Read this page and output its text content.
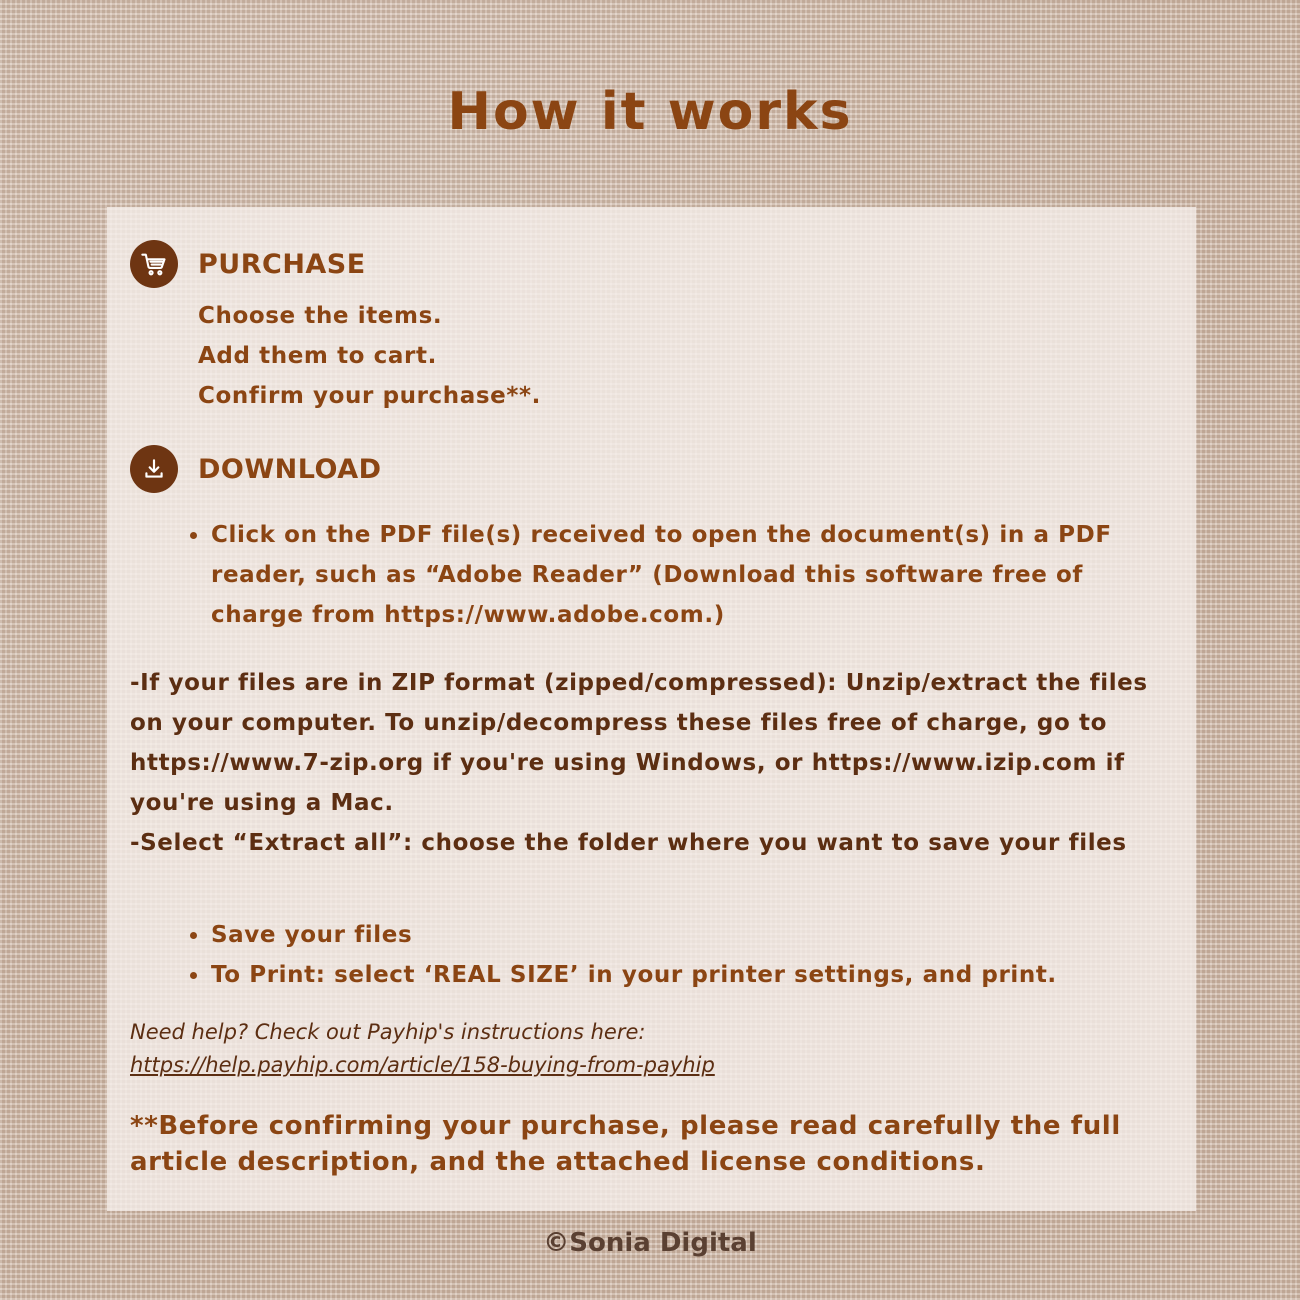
How it works
PURCHASE
Choose the items.
Add them to cart.
Confirm your purchase**.
DOWNLOAD
Click on the PDF file(s) received to open the document(s) in a PDF reader, such as “Adobe Reader” (Download this software free of charge from https://www.adobe.com.)

-If your files are in ZIP format (zipped/compressed): Unzip/extract the files on your computer. To unzip/decompress these files free of charge, go to https://www.7-zip.org if you're using Windows, or https://www.izip.com if you're using a Mac.

-Select “Extract all”: choose the folder where you want to save your files

Save your files
To Print: select ‘REAL SIZE’ in your printer settings, and print.
Need help? Check out Payhip's instructions here:
https://help.payhip.com/article/158-buying-from-payhip

**Before confirming your purchase, please read carefully the full article description, and the attached license conditions.

©Sonia Digital
